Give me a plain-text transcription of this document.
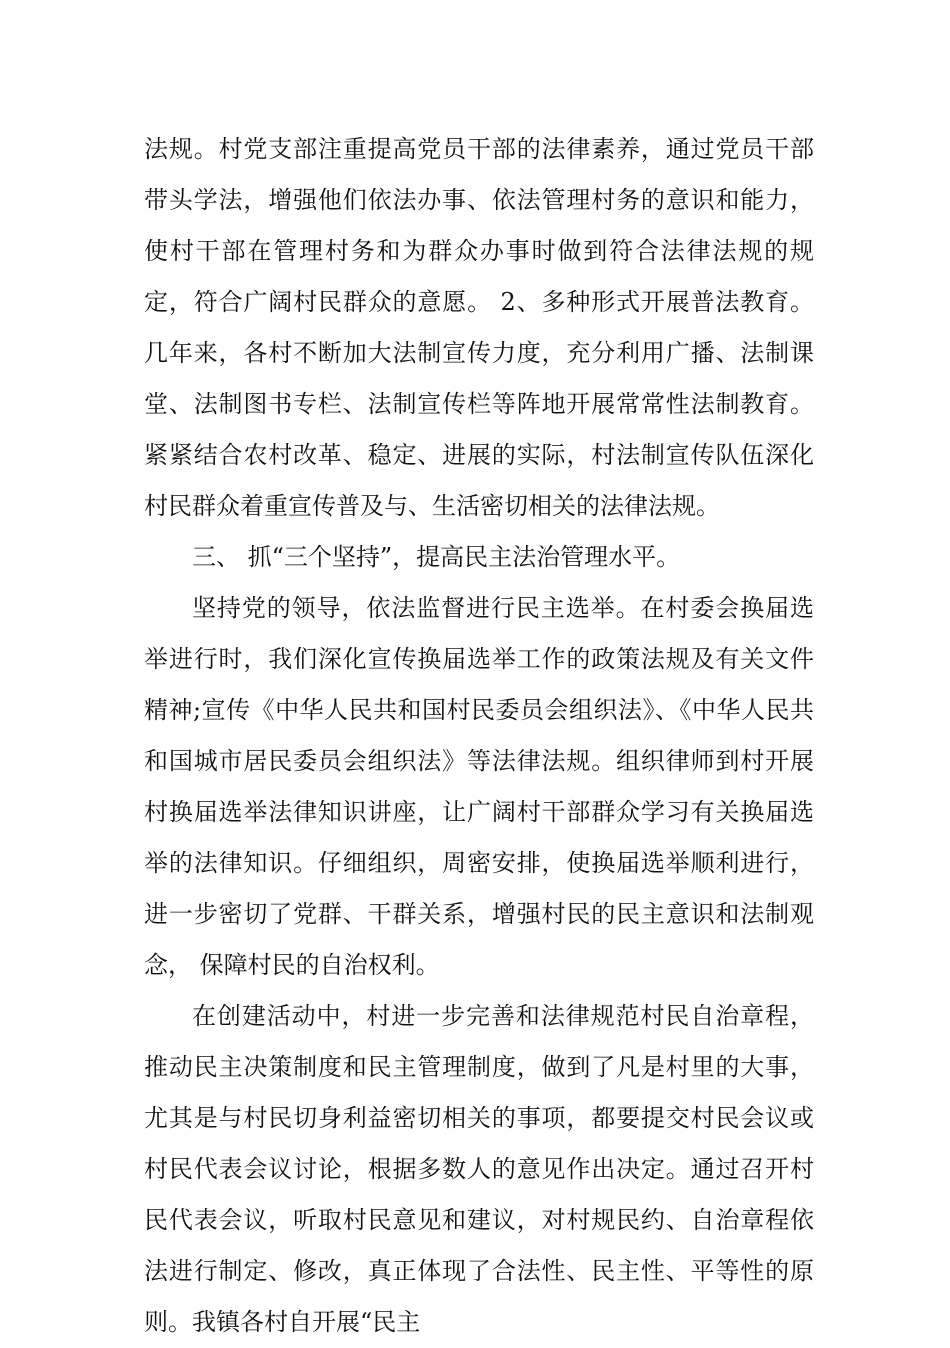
法规。村党支部注重提高党员干部的法律素养，通过党员干部带头学法，增强他们依法办事、依法管理村务的意识和能力，使村干部在管理村务和为群众办事时做到符合法律法规的规定，符合广阔村民群众的意愿。 2、多种形式开展普法教育。几年来，各村不断加大法制宣传力度，充分利用广播、法制课堂、法制图书专栏、法制宣传栏等阵地开展常常性法制教育。紧紧结合农村改革、稳定、进展的实际，村法制宣传队伍深化村民群众着重宣传普及与、生活密切相关的法律法规。

三、 抓“三个坚持”，提高民主法治管理水平。

坚持党的领导，依法监督进行民主选举。在村委会换届选举进行时，我们深化宣传换届选举工作的政策法规及有关文件精神;宣传《中华人民共和国村民委员会组织法》、《中华人民共和国城市居民委员会组织法》等法律法规。组织律师到村开展村换届选举法律知识讲座，让广阔村干部群众学习有关换届选举的法律知识。仔细组织，周密安排，使换届选举顺利进行，进一步密切了党群、干群关系，增强村民的民主意识和法制观念， 保障村民的自治权利。

在创建活动中，村进一步完善和法律规范村民自治章程，推动民主决策制度和民主管理制度，做到了凡是村里的大事，尤其是与村民切身利益密切相关的事项，都要提交村民会议或村民代表会议讨论，根据多数人的意见作出决定。通过召开村民代表会议，听取村民意见和建议，对村规民约、自治章程依法进行制定、修改，真正体现了合法性、民主性、平等性的原则。我镇各村自开展“民主
